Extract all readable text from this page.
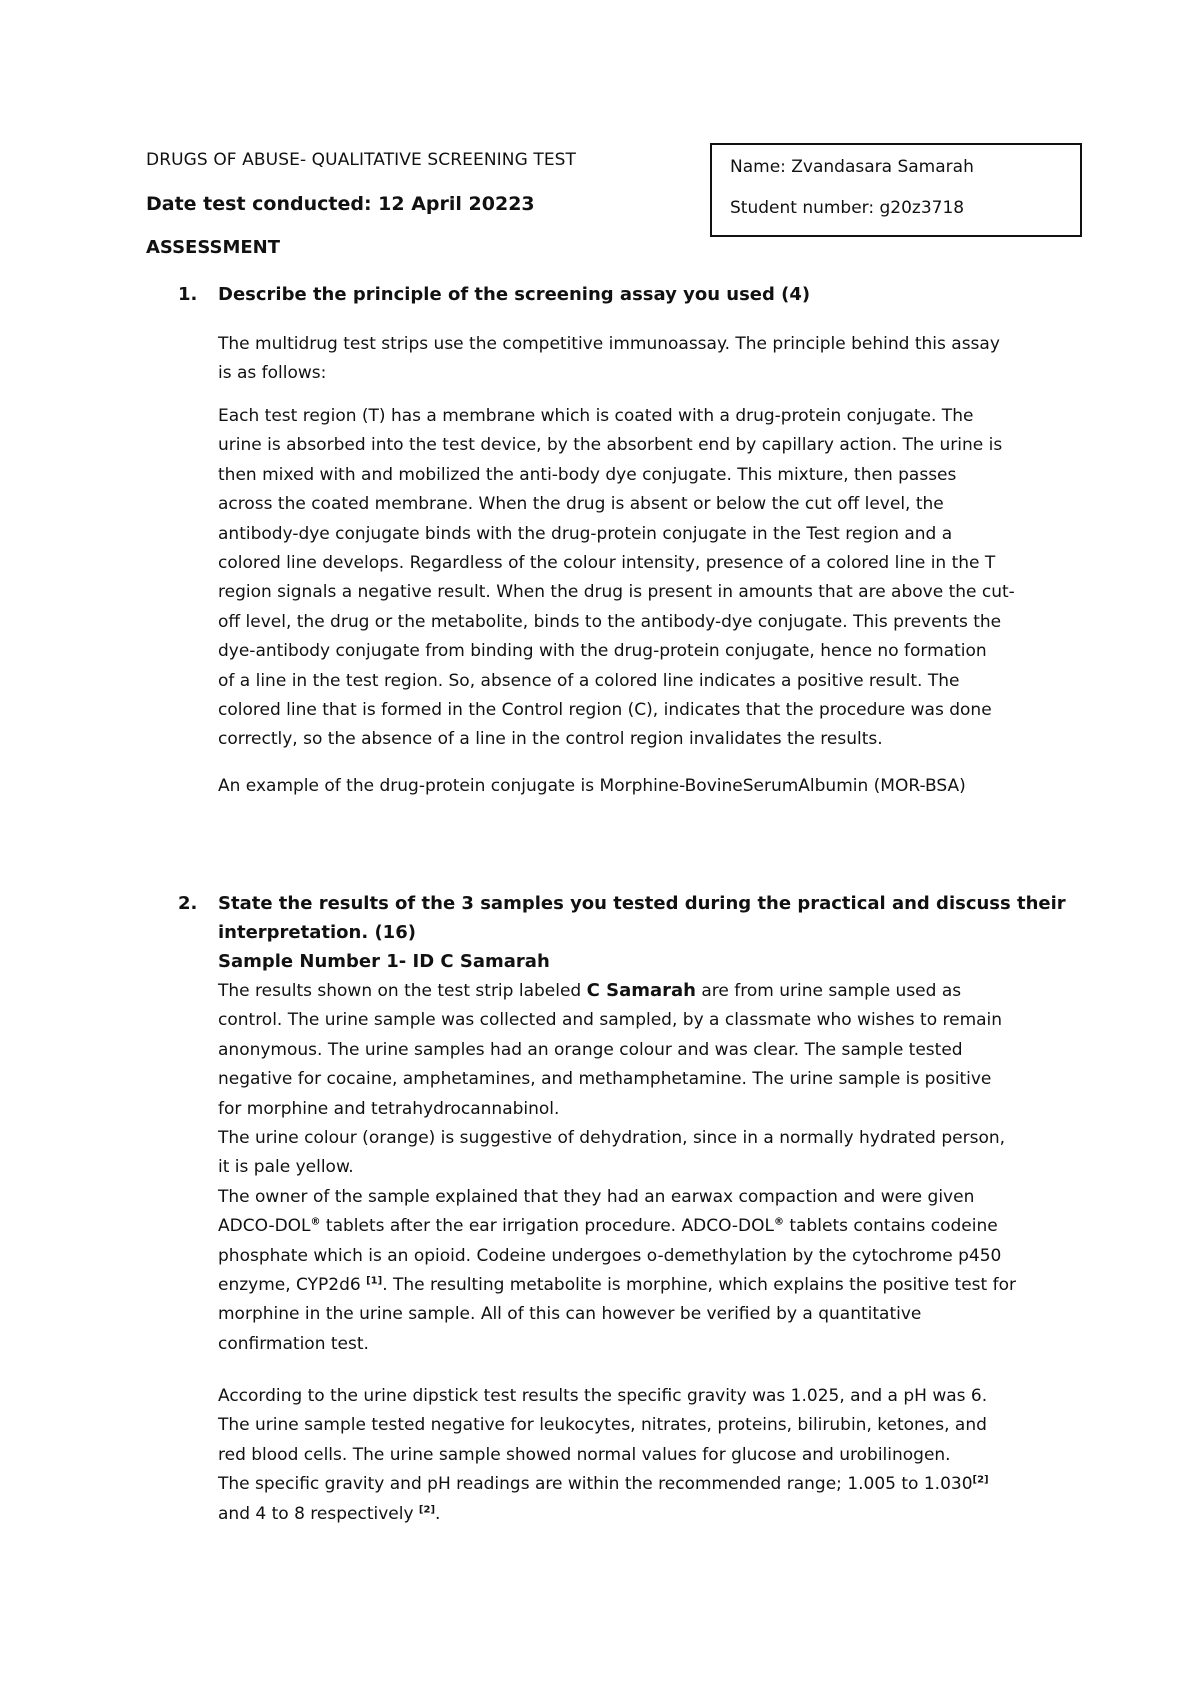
DRUGS OF ABUSE- QUALITATIVE SCREENING TEST
Date test conducted: 12 April 20223
ASSESSMENT
Name: Zvandasara Samarah
Student number: g20z3718
1. Describe the principle of the screening assay you used (4)
The multidrug test strips use the competitive immunoassay. The principle behind this assay
is as follows:
Each test region (T) has a membrane which is coated with a drug-protein conjugate. The
urine is absorbed into the test device, by the absorbent end by capillary action. The urine is
then mixed with and mobilized the anti-body dye conjugate. This mixture, then passes
across the coated membrane. When the drug is absent or below the cut off level, the
antibody-dye conjugate binds with the drug-protein conjugate in the Test region and a
colored line develops. Regardless of the colour intensity, presence of a colored line in the T
region signals a negative result. When the drug is present in amounts that are above the cut-
off level, the drug or the metabolite, binds to the antibody-dye conjugate. This prevents the
dye-antibody conjugate from binding with the drug-protein conjugate, hence no formation
of a line in the test region. So, absence of a colored line indicates a positive result. The
colored line that is formed in the Control region (C), indicates that the procedure was done
correctly, so the absence of a line in the control region invalidates the results.
An example of the drug-protein conjugate is Morphine-BovineSerumAlbumin (MOR-BSA)
2. State the results of the 3 samples you tested during the practical and discuss their
interpretation. (16)
Sample Number 1- ID C Samarah
The results shown on the test strip labeled C Samarah are from urine sample used as
control. The urine sample was collected and sampled, by a classmate who wishes to remain
anonymous. The urine samples had an orange colour and was clear. The sample tested
negative for cocaine, amphetamines, and methamphetamine. The urine sample is positive
for morphine and tetrahydrocannabinol.
The urine colour (orange) is suggestive of dehydration, since in a normally hydrated person,
it is pale yellow.
The owner of the sample explained that they had an earwax compaction and were given
ADCO-DOL® tablets after the ear irrigation procedure. ADCO-DOL® tablets contains codeine
phosphate which is an opioid. Codeine undergoes o-demethylation by the cytochrome p450
enzyme, CYP2d6 [1]. The resulting metabolite is morphine, which explains the positive test for
morphine in the urine sample. All of this can however be verified by a quantitative
confirmation test.
According to the urine dipstick test results the specific gravity was 1.025, and a pH was 6.
The urine sample tested negative for leukocytes, nitrates, proteins, bilirubin, ketones, and
red blood cells. The urine sample showed normal values for glucose and urobilinogen.
The specific gravity and pH readings are within the recommended range; 1.005 to 1.030[2]
and 4 to 8 respectively [2].
